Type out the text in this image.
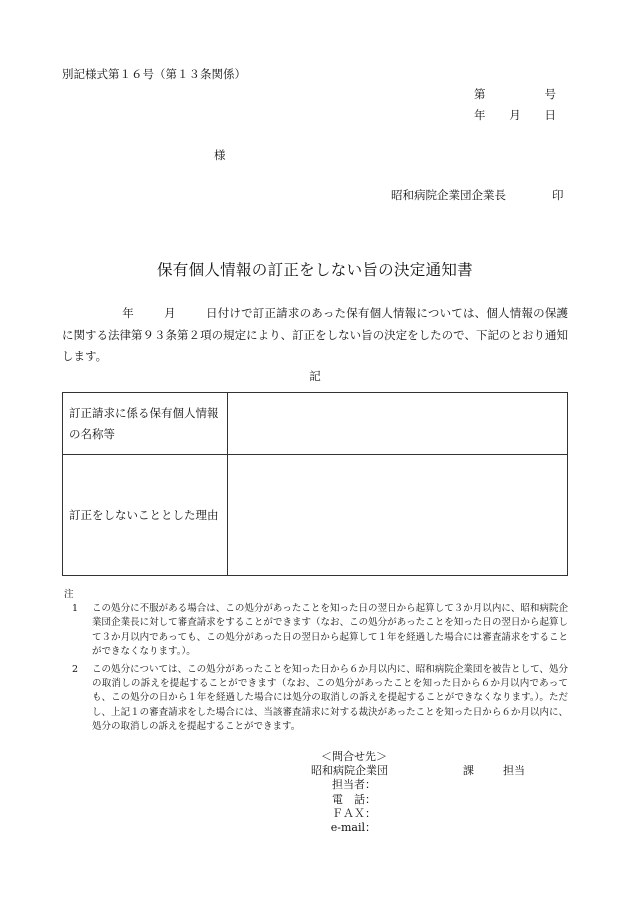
別記様式第１６号（第１３条関係）
第	号
年 月 日
様
昭和病院企業団企業長	印
保有個人情報の訂正をしない旨の決定通知書
年	月	日付けで訂正請求のあった保有個人情報については、個人情報の保護に関する法律第９３条第２項の規定により、訂正をしない旨の決定をしたので、下記のとおり通知します。
記
訂正請求に係る保有個人情報の名称等	
訂正をしないこととした理由	
注
1	この処分に不服がある場合は、この処分があったことを知った日の翌日から起算して３か月以内に、昭和病院企業団企業長に対して審査請求をすることができます（なお、この処分があったことを知った日の翌日から起算して３か月以内であっても、この処分があった日の翌日から起算して１年を経過した場合には審査請求をすることができなくなります。）。
2	この処分については、この処分があったことを知った日から６か月以内に、昭和病院企業団を被告として、処分の取消しの訴えを提起することができます（なお、この処分があったことを知った日から６か月以内であっても、この処分の日から１年を経過した場合には処分の取消しの訴えを提起することができなくなります。）。ただし、上記１の審査請求をした場合には、当該審査請求に対する裁決があったことを知った日から６か月以内に、処分の取消しの訴えを提起することができます。
＜問合せ先＞
昭和病院企業団	課	担当
担当者：
電　話：
ＦＡＸ：
e-mail：
